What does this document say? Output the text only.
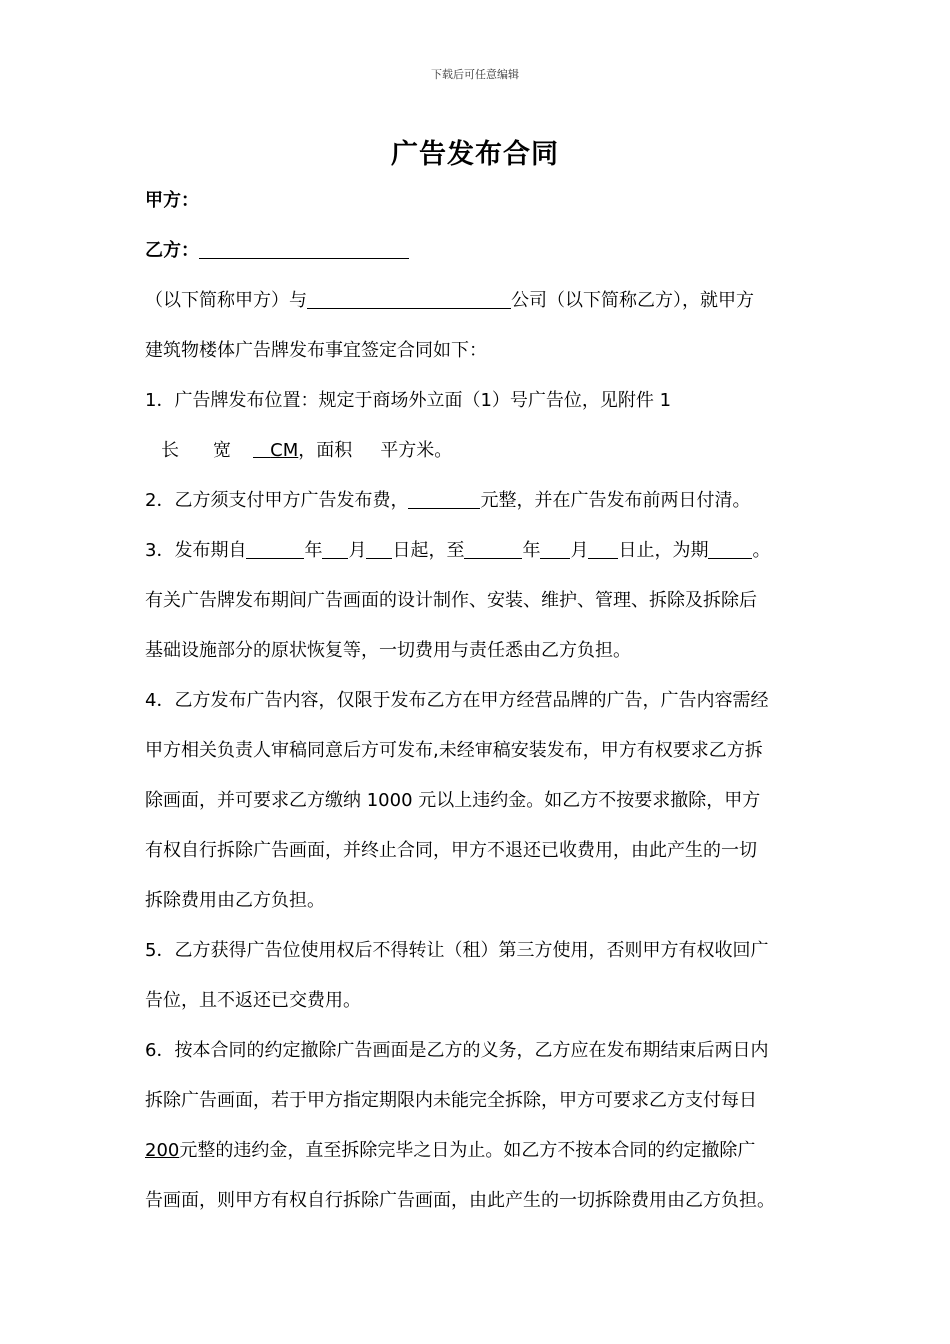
下载后可任意编辑
广告发布合同
甲方：
乙方：
（以下简称甲方）与	公司（以下简称乙方），就甲方
建筑物楼体广告牌发布事宜签定合同如下：
1．广告牌发布位置：规定于商场外立面（1）号广告位，见附件 1
长 宽 CM，面积 平方米。
2．乙方须支付甲方广告发布费，	元整，并在广告发布前两日付清。
3．发布期自	年 月 日起，至	年 月 日止，为期 。
有关广告牌发布期间广告画面的设计制作、安装、维护、管理、拆除及拆除后
基础设施部分的原状恢复等，一切费用与责任悉由乙方负担。
4．乙方发布广告内容，仅限于发布乙方在甲方经营品牌的广告，广告内容需经
甲方相关负责人审稿同意后方可发布,未经审稿安装发布，甲方有权要求乙方拆
除画面，并可要求乙方缴纳 1000 元以上违约金。如乙方不按要求撤除，甲方
有权自行拆除广告画面，并终止合同，甲方不退还已收费用，由此产生的一切
拆除费用由乙方负担。
5．乙方获得广告位使用权后不得转让（租）第三方使用，否则甲方有权收回广
告位，且不返还已交费用。
6．按本合同的约定撤除广告画面是乙方的义务，乙方应在发布期结束后两日内
拆除广告画面，若于甲方指定期限内未能完全拆除，甲方可要求乙方支付每日
200元整的违约金，直至拆除完毕之日为止。如乙方不按本合同的约定撤除广
告画面，则甲方有权自行拆除广告画面，由此产生的一切拆除费用由乙方负担。
